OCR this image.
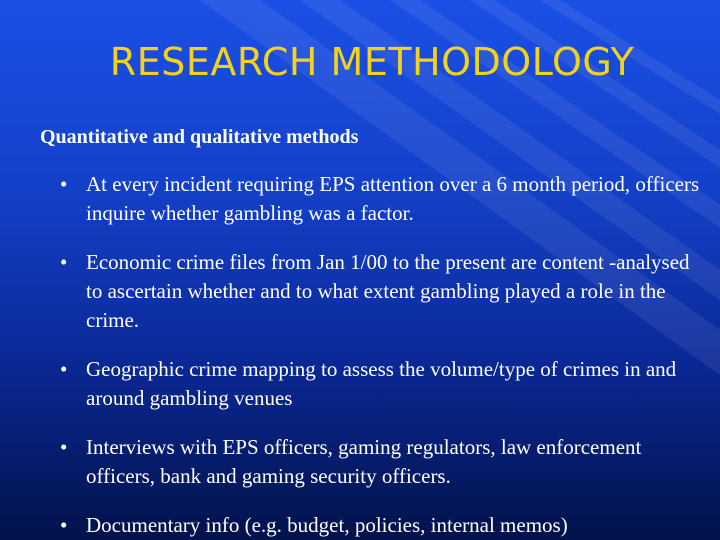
RESEARCH METHODOLOGY
Quantitative and qualitative methods
• At every incident requiring EPS attention over a 6 month period, officers inquire whether gambling was a factor.
• Economic crime files from Jan 1/00 to the present are content -analysed to ascertain whether and to what extent gambling played a role in the crime.
• Geographic crime mapping to assess the volume/type of crimes in and around gambling venues
• Interviews with EPS officers, gaming regulators, law enforcement officers, bank and gaming security officers.
• Documentary info (e.g. budget, policies, internal memos)
